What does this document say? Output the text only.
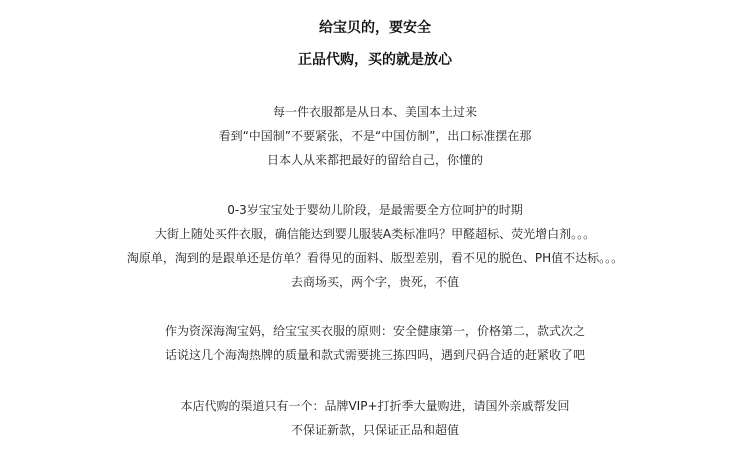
给宝贝的，要安全
正品代购，买的就是放心
每一件衣服都是从日本、美国本土过来
看到“中国制”不要紧张，不是“中国仿制”，出口标准摆在那
日本人从来都把最好的留给自己，你懂的
0-3岁宝宝处于婴幼儿阶段，是最需要全方位呵护的时期
大街上随处买件衣服，确信能达到婴儿服装A类标准吗？甲醛超标、荧光增白剂。。。
淘原单，淘到的是跟单还是仿单？看得见的面料、版型差别，看不见的脱色、PH值不达标。。。
去商场买，两个字，贵死，不值
作为资深海淘宝妈，给宝宝买衣服的原则：安全健康第一，价格第二，款式次之
话说这几个海淘热牌的质量和款式需要挑三拣四吗，遇到尺码合适的赶紧收了吧
本店代购的渠道只有一个：品牌VIP+打折季大量购进，请国外亲戚帮发回
不保证新款，只保证正品和超值
